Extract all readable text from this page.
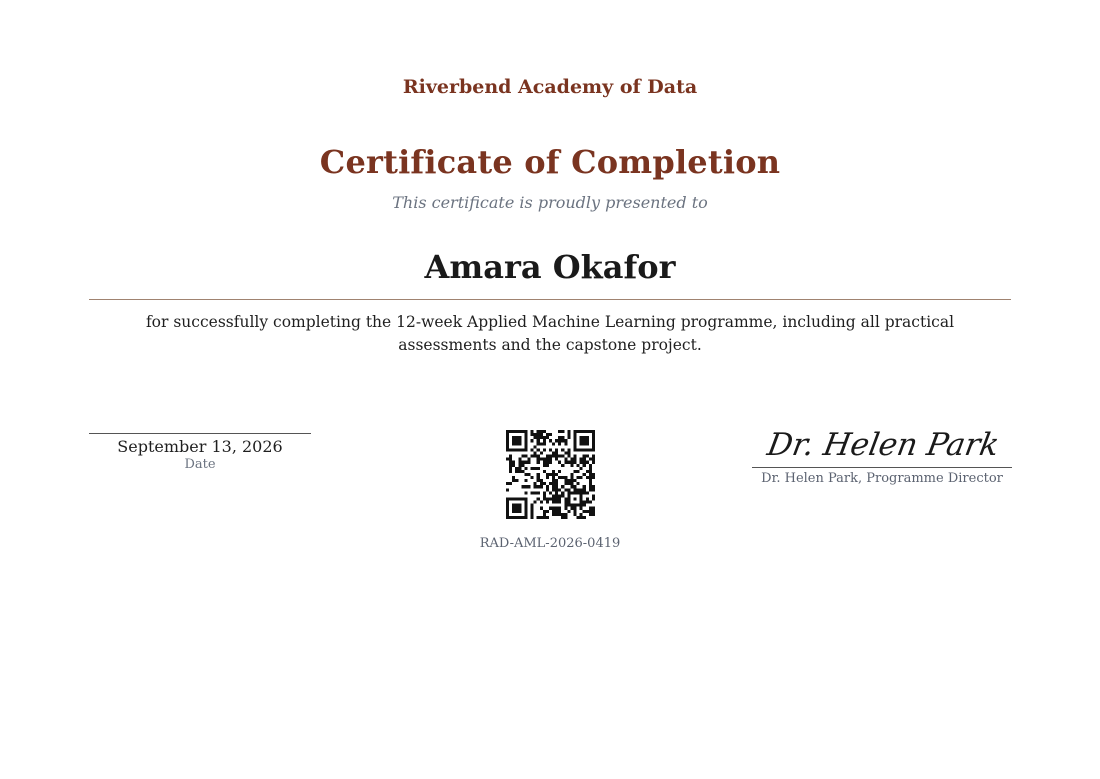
Riverbend Academy of Data
Certificate of Completion
This certificate is proudly presented to
Amara Okafor
for successfully completing the 12-week Applied Machine Learning programme, including all practical assessments and the capstone project.
September 13, 2026
Date
RAD-AML-2026-0419
Dr. Helen Park
Dr. Helen Park, Programme Director
